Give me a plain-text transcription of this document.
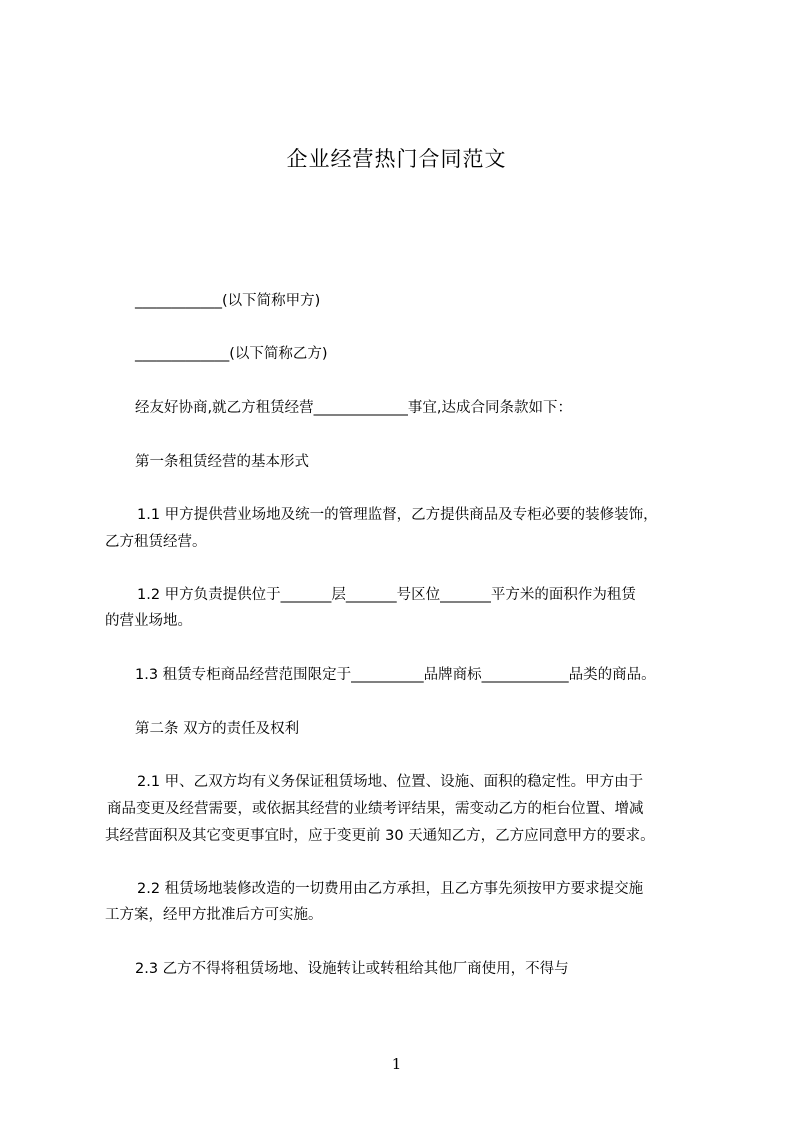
企业经营热门合同范文
____________(以下简称甲方)
_____________(以下简称乙方)
经友好协商,就乙方租赁经营_____________事宜,达成合同条款如下：
第一条租赁经营的基本形式
1.1 甲方提供营业场地及统一的管理监督，乙方提供商品及专柜必要的装修装饰，
乙方租赁经营。
1.2 甲方负责提供位于_______层_______号区位_______平方米的面积作为租赁
的营业场地。
1.3 租赁专柜商品经营范围限定于__________品牌商标____________品类的商品。
第二条 双方的责任及权利
2.1 甲、乙双方均有义务保证租赁场地、位置、设施、面积的稳定性。甲方由于
商品变更及经营需要，或依据其经营的业绩考评结果，需变动乙方的柜台位置、增减
其经营面积及其它变更事宜时，应于变更前 30 天通知乙方，乙方应同意甲方的要求。
2.2 租赁场地装修改造的一切费用由乙方承担，且乙方事先须按甲方要求提交施
工方案，经甲方批准后方可实施。
2.3 乙方不得将租赁场地、设施转让或转租给其他厂商使用，不得与
1
